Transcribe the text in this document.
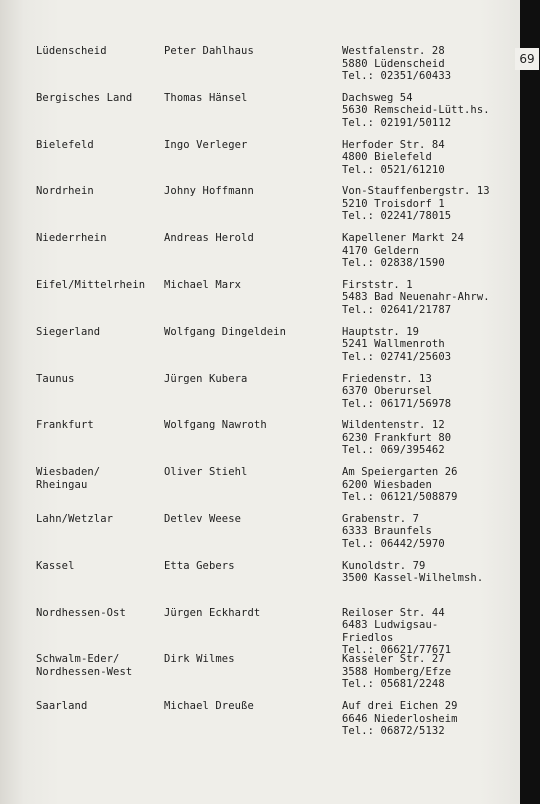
69
Lüdenscheid	Peter Dahlhaus	Westfalenstr. 28
5880 Lüdenscheid
Tel.: 02351/60433
Bergisches Land	Thomas Hänsel	Dachsweg 54
5630 Remscheid-Lütt.hs.
Tel.: 02191/50112
Bielefeld	Ingo Verleger	Herfoder Str. 84
4800 Bielefeld
Tel.: 0521/61210
Nordrhein	Johny Hoffmann	Von-Stauffenbergstr. 13
5210 Troisdorf 1
Tel.: 02241/78015
Niederrhein	Andreas Herold	Kapellener Markt 24
4170 Geldern
Tel.: 02838/1590
Eifel/Mittelrhein	Michael Marx	Firststr. 1
5483 Bad Neuenahr-Ahrw.
Tel.: 02641/21787
Siegerland	Wolfgang Dingeldein	Hauptstr. 19
5241 Wallmenroth
Tel.: 02741/25603
Taunus	Jürgen Kubera	Friedenstr. 13
6370 Oberursel
Tel.: 06171/56978
Frankfurt	Wolfgang Nawroth	Wildentenstr. 12
6230 Frankfurt 80
Tel.: 069/395462
Wiesbaden/
Rheingau
Oliver Stiehl	Am Speiergarten 26
6200 Wiesbaden
Tel.: 06121/508879
Lahn/Wetzlar	Detlev Weese	Grabenstr. 7
6333 Braunfels
Tel.: 06442/5970
Kassel	Etta Gebers	Kunoldstr. 79
3500 Kassel-Wilhelmsh.
Nordhessen-Ost	Jürgen Eckhardt	Reiloser Str. 44
6483 Ludwigsau-
Friedlos
Tel.: 06621/77671
Schwalm-Eder/
Nordhessen-West
Dirk Wilmes	Kasseler Str. 27
3588 Homberg/Efze
Tel.: 05681/2248
Saarland	Michael Dreuße	Auf drei Eichen 29
6646 Niederlosheim
Tel.: 06872/5132
